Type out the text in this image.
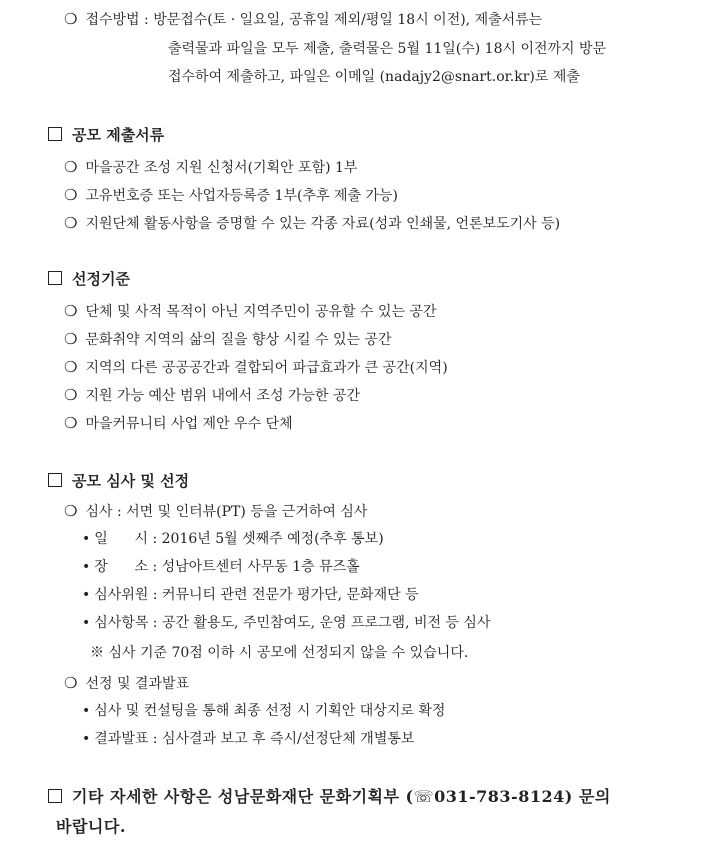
❍ 접수방법 : 방문접수(토 · 일요일, 공휴일 제외/평일 18시 이전), 제출서류는
출력물과 파일을 모두 제출, 출력물은 5월 11일(수) 18시 이전까지 방문
접수하여 제출하고, 파일은 이메일 (nadajy2@snart.or.kr)로 제출
공모 제출서류
❍ 마을공간 조성 지원 신청서(기획안 포함) 1부
❍ 고유번호증 또는 사업자등록증 1부(추후 제출 가능)
❍ 지원단체 활동사항을 증명할 수 있는 각종 자료(성과 인쇄물, 언론보도기사 등)
선정기준
❍ 단체 및 사적 목적이 아닌 지역주민이 공유할 수 있는 공간
❍ 문화취약 지역의 삶의 질을 향상 시킬 수 있는 공간
❍ 지역의 다른 공공공간과 결합되어 파급효과가 큰 공간(지역)
❍ 지원 가능 예산 범위 내에서 조성 가능한 공간
❍ 마을커뮤니티 사업 제안 우수 단체
공모 심사 및 선정
❍ 심사 : 서면 및 인터뷰(PT) 등을 근거하여 심사
• 일      시 : 2016년 5월 셋째주 예정(추후 통보)
• 장      소 : 성남아트센터 사무동 1층 뮤즈홀
• 심사위원 : 커뮤니티 관련 전문가 평가단, 문화재단 등
• 심사항목 : 공간 활용도, 주민참여도, 운영 프로그램, 비전 등 심사
※ 심사 기준 70점 이하 시 공모에 선정되지 않을 수 있습니다.
❍ 선정 및 결과발표
• 심사 및 컨설팅을 통해 최종 선정 시 기획안 대상지로 확정
• 결과발표 : 심사결과 보고 후 즉시/선정단체 개별통보
기타 자세한 사항은 성남문화재단 문화기획부 (☏031-783-8124) 문의
바랍니다.
